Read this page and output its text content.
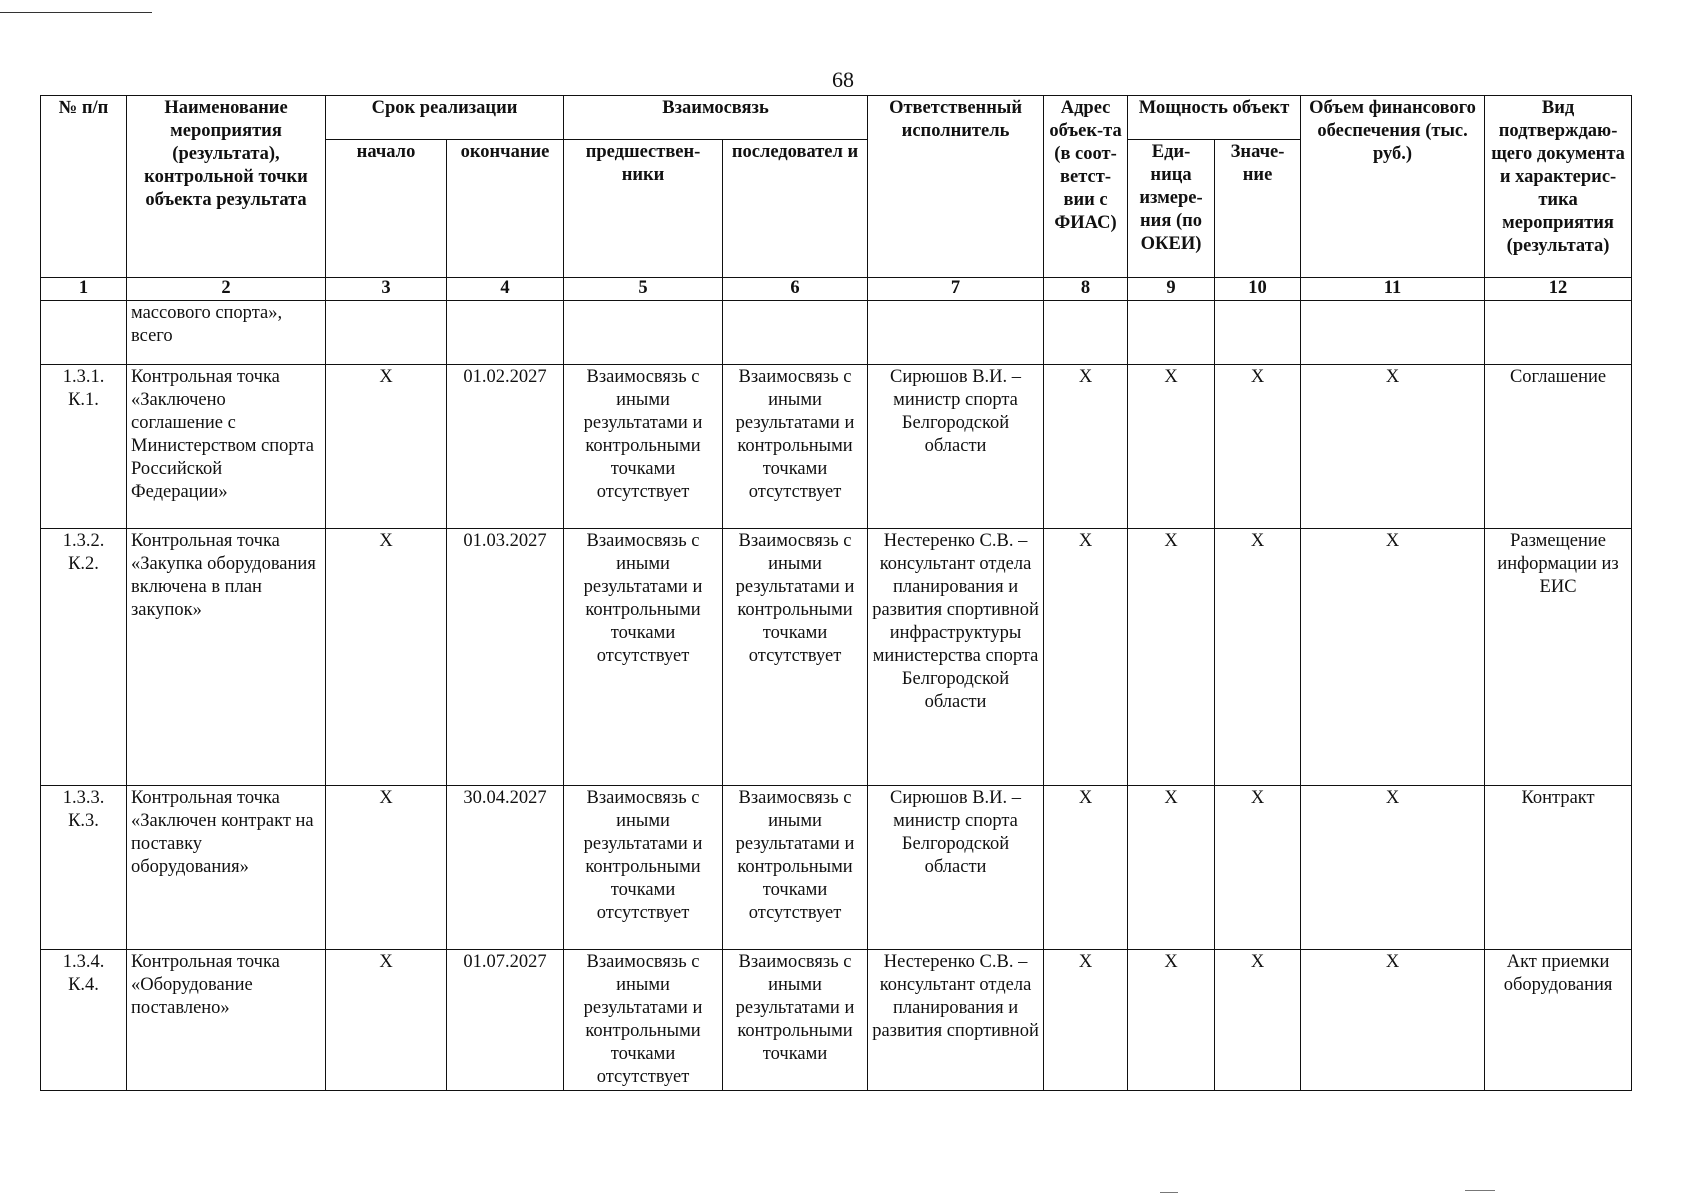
68
№ п/п	Наименование мероприятия (результата), контрольной точки объекта результата	Срок реализации		Взаимосвязь		Ответственный исполнитель	Адрес объек-та (в соот-ветст-вии с ФИАС)	Мощность объект		Объем финансового обеспечения (тыс. руб.)	Вид подтверждаю-щего документа и характерис-тика мероприятия (результата)
		начало	окончание	предшествен-ники	последовател и			Еди-ница измере-ния (по ОКЕИ)	Значе-ние		
1	2	3	4	5	6	7	8	9	10	11	12
	массового спорта», всего										
1.3.1. К.1.	Контрольная точка «Заключено соглашение с Министерством спорта Российской Федерации»	X	01.02.2027	Взаимосвязь с иными результатами и контрольными точками отсутствует	Взаимосвязь с иными результатами и контрольными точками отсутствует	Сирюшов В.И. – министр спорта Белгородской области	X	X	X	X	Соглашение
1.3.2. К.2.	Контрольная точка «Закупка оборудования включена в план закупок»	X	01.03.2027	Взаимосвязь с иными результатами и контрольными точками отсутствует	Взаимосвязь с иными результатами и контрольными точками отсутствует	Нестеренко С.В. – консультант отдела планирования и развития спортивной инфраструктуры министерства спорта Белгородской области	X	X	X	X	Размещение информации из ЕИС
1.3.3. К.3.	Контрольная точка «Заключен контракт на поставку оборудования»	X	30.04.2027	Взаимосвязь с иными результатами и контрольными точками отсутствует	Взаимосвязь с иными результатами и контрольными точками отсутствует	Сирюшов В.И. – министр спорта Белгородской области	X	X	X	X	Контракт
1.3.4. К.4.	Контрольная точка «Оборудование поставлено»	X	01.07.2027	Взаимосвязь с иными результатами и контрольными точками отсутствует	Взаимосвязь с иными результатами и контрольными точками	Нестеренко С.В. – консультант отдела планирования и развития спортивной	X	X	X	X	Акт приемки оборудования
